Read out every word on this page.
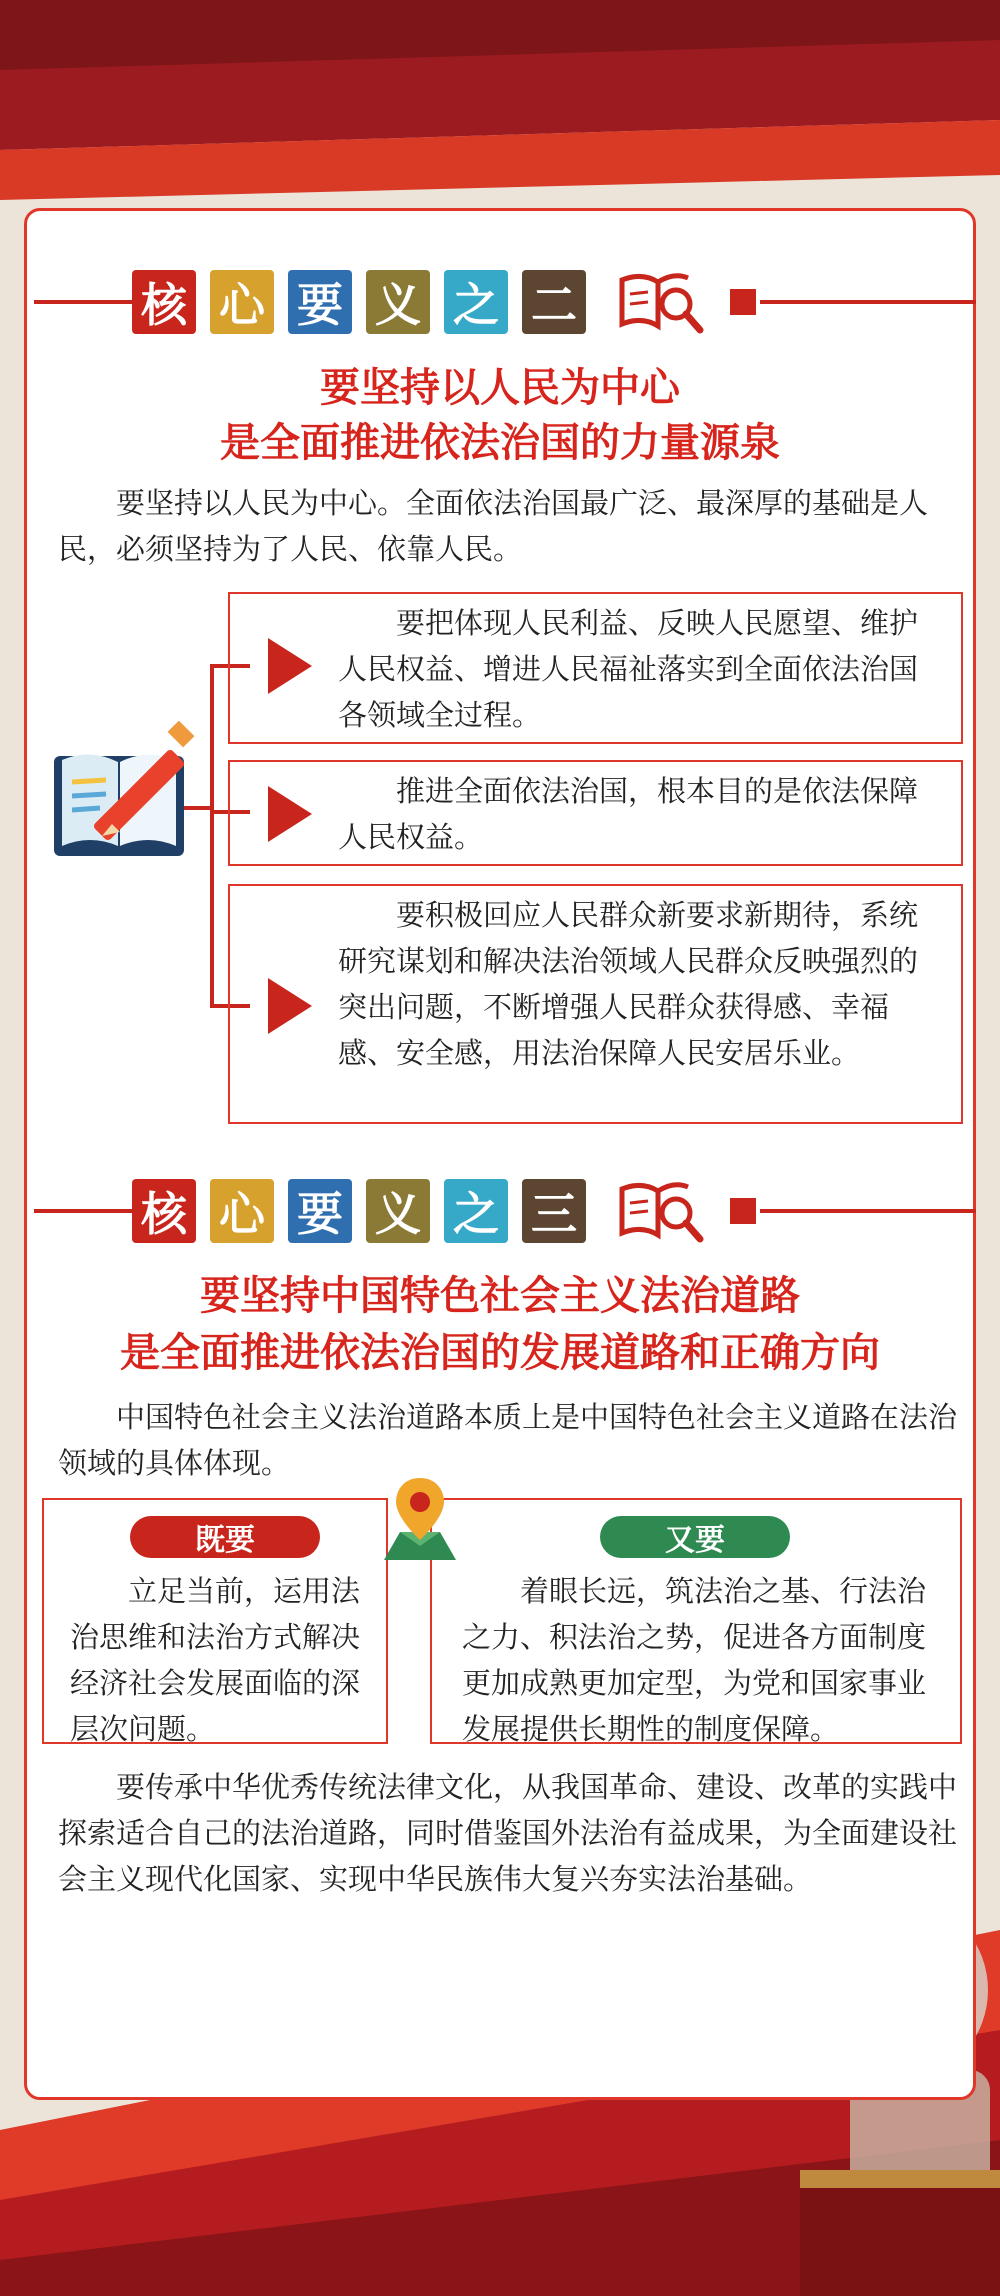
核 心 要 义 之 二
要坚持以人民为中心
是全面推进依法治国的力量源泉

要坚持以人民为中心。全面依法治国最广泛、最深厚的基础是人民，必须坚持为了人民、依靠人民。

要把体现人民利益、反映人民愿望、维护人民权益、增进人民福祉落实到全面依法治国各领域全过程。

推进全面依法治国，根本目的是依法保障人民权益。

要积极回应人民群众新要求新期待，系统研究谋划和解决法治领域人民群众反映强烈的突出问题，不断增强人民群众获得感、幸福感、安全感，用法治保障人民安居乐业。

核 心 要 义 之 三
要坚持中国特色社会主义法治道路
是全面推进依法治国的发展道路和正确方向

中国特色社会主义法治道路本质上是中国特色社会主义道路在法治领域的具体体现。

既要	又要

立足当前，运用法治思维和法治方式解决经济社会发展面临的深层次问题。

着眼长远，筑法治之基、行法治之力、积法治之势，促进各方面制度更加成熟更加定型，为党和国家事业发展提供长期性的制度保障。

要传承中华优秀传统法律文化，从我国革命、建设、改革的实践中探索适合自己的法治道路，同时借鉴国外法治有益成果，为全面建设社会主义现代化国家、实现中华民族伟大复兴夯实法治基础。
